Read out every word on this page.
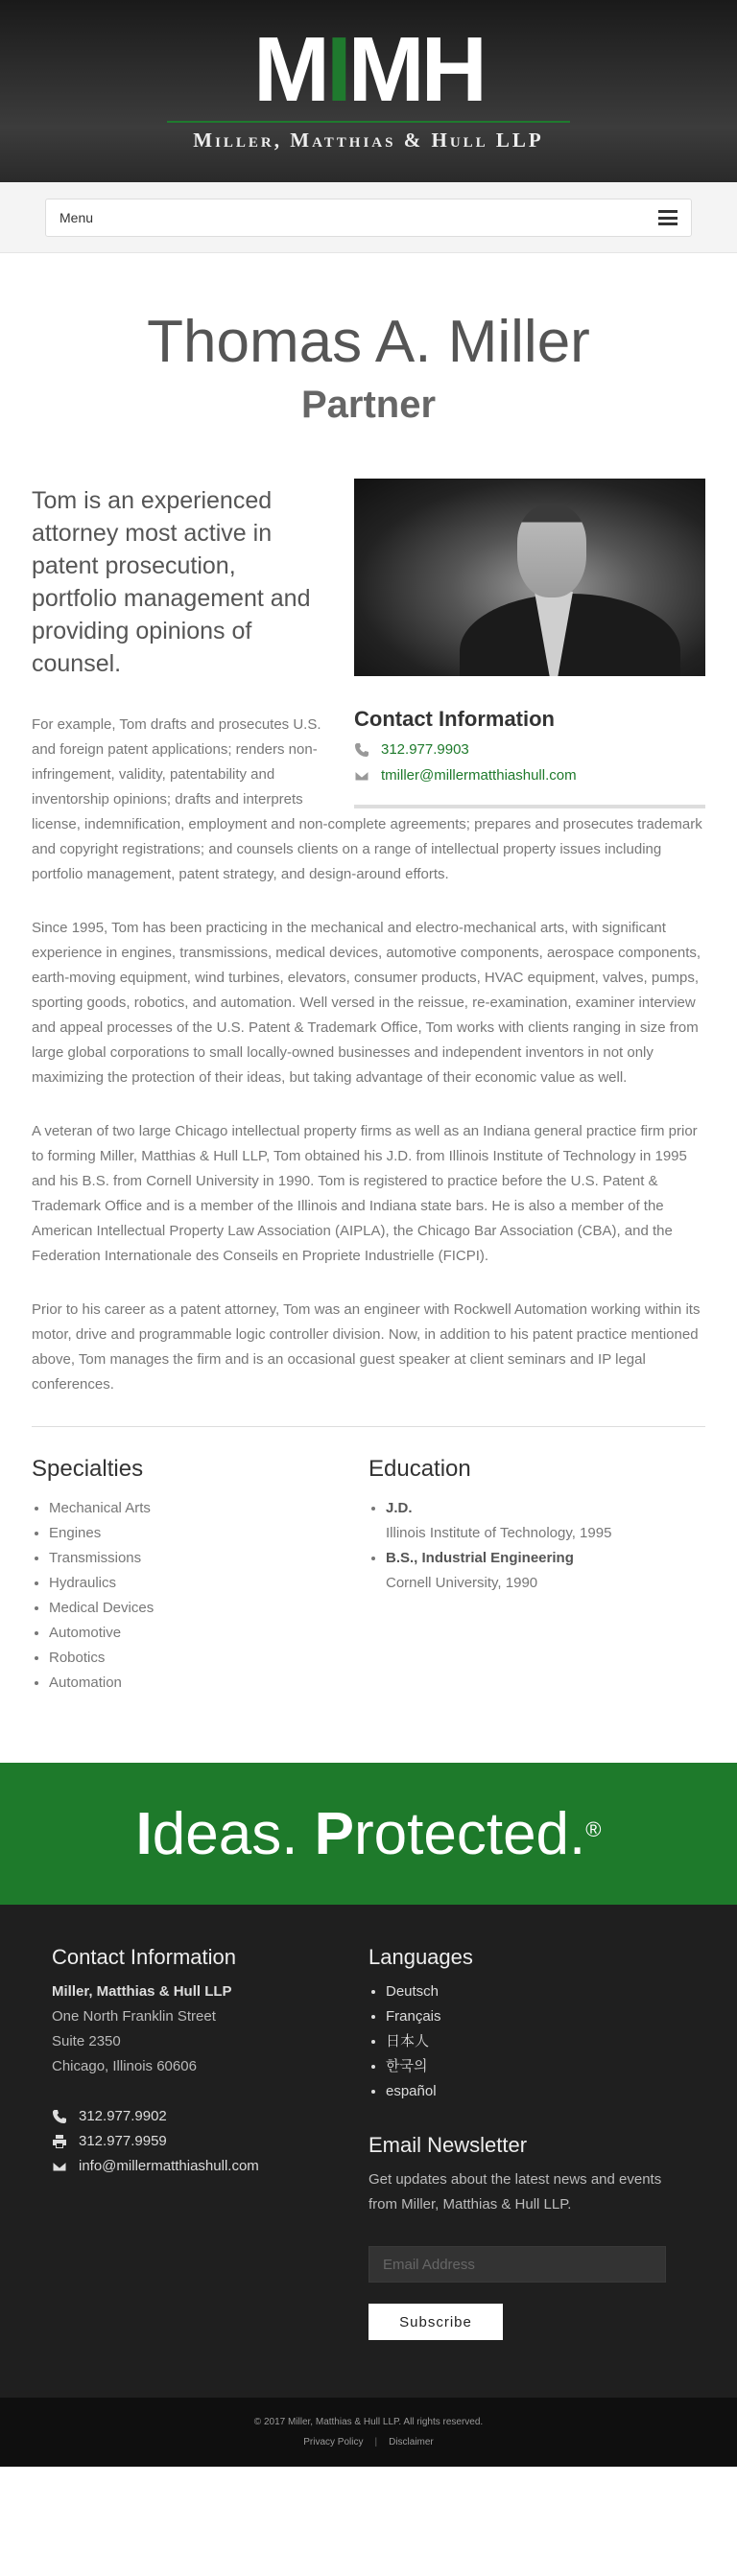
MIMH
Miller, Matthias & Hull LLP
Menu
Thomas A. Miller
Partner
Contact Information
312.977.9903
tmiller@millermatthiashull.com

Tom is an experienced attorney most active in patent prosecution, portfolio management and providing opinions of counsel.

For example, Tom drafts and prosecutes U.S. and foreign patent applications; renders non-infringement, validity, patentability and inventorship opinions; drafts and interprets license, indemnification, employment and non-complete agreements; prepares and prosecutes trademark and copyright registrations; and counsels clients on a range of intellectual property issues including portfolio management, patent strategy, and design-around efforts.

Since 1995, Tom has been practicing in the mechanical and electro-mechanical arts, with significant experience in engines, transmissions, medical devices, automotive components, aerospace components, earth-moving equipment, wind turbines, elevators, consumer products, HVAC equipment, valves, pumps, sporting goods, robotics, and automation. Well versed in the reissue, re-examination, examiner interview and appeal processes of the U.S. Patent & Trademark Office, Tom works with clients ranging in size from large global corporations to small locally-owned businesses and independent inventors in not only maximizing the protection of their ideas, but taking advantage of their economic value as well.

A veteran of two large Chicago intellectual property firms as well as an Indiana general practice firm prior to forming Miller, Matthias & Hull LLP, Tom obtained his J.D. from Illinois Institute of Technology in 1995 and his B.S. from Cornell University in 1990. Tom is registered to practice before the U.S. Patent & Trademark Office and is a member of the Illinois and Indiana state bars. He is also a member of the American Intellectual Property Law Association (AIPLA), the Chicago Bar Association (CBA), and the Federation Internationale des Conseils en Propriete Industrielle (FICPI).

Prior to his career as a patent attorney, Tom was an engineer with Rockwell Automation working within its motor, drive and programmable logic controller division. Now, in addition to his patent practice mentioned above, Tom manages the firm and is an occasional guest speaker at client seminars and IP legal conferences.

Specialties
• Mechanical Arts
• Engines
• Transmissions
• Hydraulics
• Medical Devices
• Automotive
• Robotics
• Automation
Education
• J.D.
Illinois Institute of Technology, 1995
• B.S., Industrial Engineering
Cornell University, 1990
I deas. P rotected.®
Contact Information
Miller, Matthias & Hull LLP
One North Franklin Street
Suite 2350
Chicago, Illinois 60606
312.977.9902
312.977.9959
info@millermatthiashull.com
Languages
• Deutsch
• Français
• 日本人
• 한국의
• español
Email Newsletter

Get updates about the latest news and events from Miller, Matthias & Hull LLP.

Email Address
Subscribe
© 2017 Miller, Matthias & Hull LLP. All rights reserved.
Privacy Policy | Disclaimer
